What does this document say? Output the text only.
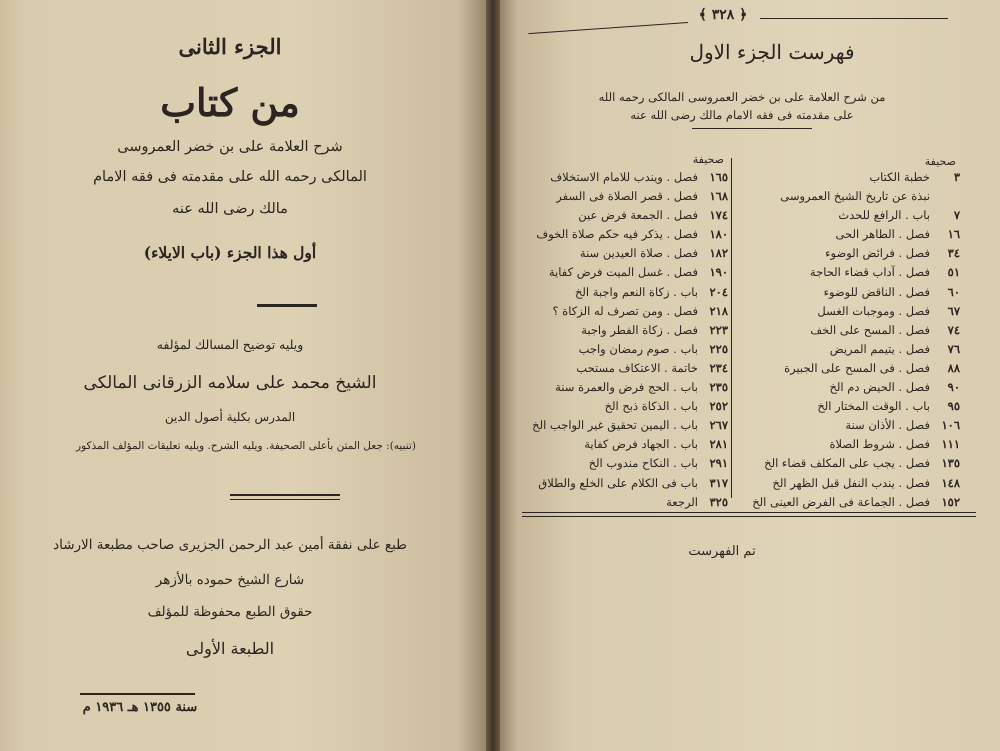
الجزء الثانى
من كتاب
شرح العلامة على بن خضر العمروسى
المالكى رحمه الله على مقدمته فى فقه الامام
مالك رضى الله عنه
أول هذا الجزء (باب الايلاء)
ويليه توضيح المسالك لمؤلفه
الشيخ محمد على سلامه الزرقانى المالكى
المدرس بكلية أصول الدين
(تنبيه): جعل المتن بأعلى الصحيفة. ويليه الشرح. ويليه تعليقات المؤلف المذكور
طبع على نفقة أمين عبد الرحمن الجزيرى صاحب مطبعة الارشاد
شارع الشيخ حموده بالأزهر
حقوق الطبع محفوظة للمؤلف
الطبعة الأولى
سنة ١٣٥٥ هـ ١٩٣٦ م
﴿ ٣٢٨ ﴾
فهرست الجزء الاول
من شرح العلامة على بن خضر العمروسى المالكى رحمه الله
على مقدمته فى فقه الامام مالك رضى الله عنه
صحيفة
صحيفة
٣
خطبة الكتاب
نبذة عن تاريخ الشيخ العمروسى
٧
باب . الرافع للحدث
١٦
فصل . الطاهر الحى
٣٤
فصل . فرائض الوضوء
٥١
فصل . آداب قضاء الحاجة
٦٠
فصل . الناقض للوضوء
٦٧
فصل . وموجبات الغسل
٧٤
فصل . المسح على الخف
٧٦
فصل . يتيمم المريض
٨٨
فصل . فى المسح على الجبيرة
٩٠
فصل . الحيض دم الخ
٩٥
باب . الوقت المختار الخ
١٠٦
فصل . الأذان سنة
١١١
فصل . شروط الصلاة
١٣٥
فصل . يجب على المكلف قضاء الخ
١٤٨
فصل . يندب النفل قبل الظهر الخ
١٥٢
فصل . الجماعة فى الفرض العينى الخ
١٦٥
فصل . ويندب للامام الاستخلاف
١٦٨
فصل . قصر الصلاة فى السفر
١٧٤
فصل . الجمعة فرض عين
١٨٠
فصل . يذكر فيه حكم صلاة الخوف
١٨٢
فصل . صلاة العيدين سنة
١٩٠
فصل . غسل الميت فرض كفاية
٢٠٤
باب . زكاة النعم واجبة الخ
٢١٨
فصل . ومن تصرف له الزكاة ؟
٢٢٣
فصل . زكاة الفطر واجبة
٢٢٥
باب . صوم رمضان واجب
٢٣٤
خاتمة . الاعتكاف مستحب
٢٣٥
باب . الحج فرض والعمرة سنة
٢٥٢
باب . الذكاة ذبح الخ
٢٦٧
باب . اليمين تحقيق غير الواجب الخ
٢٨١
باب . الجهاد فرض كفاية
٢٩١
باب . النكاح مندوب الخ
٣١٧
باب فى الكلام على الخلع والطلاق
٣٢٥
الرجعة
تم الفهرست
